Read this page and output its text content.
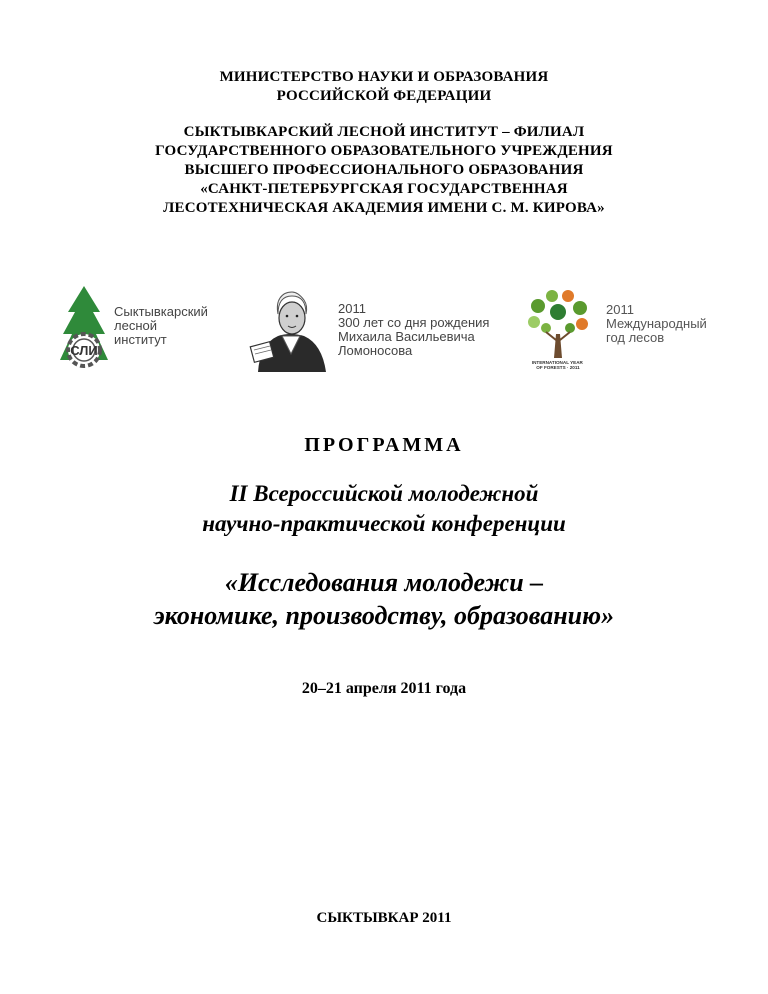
МИНИСТЕРСТВО НАУКИ И ОБРАЗОВАНИЯ
РОССИЙСКОЙ ФЕДЕРАЦИИ
СЫКТЫВКАРСКИЙ ЛЕСНОЙ ИНСТИТУТ – ФИЛИАЛ
ГОСУДАРСТВЕННОГО ОБРАЗОВАТЕЛЬНОГО УЧРЕЖДЕНИЯ
ВЫСШЕГО ПРОФЕССИОНАЛЬНОГО ОБРАЗОВАНИЯ
«САНКТ-ПЕТЕРБУРГСКАЯ ГОСУДАРСТВЕННАЯ
ЛЕСОТЕХНИЧЕСКАЯ АКАДЕМИЯ ИМЕНИ С. М. КИРОВА»
СЛИ
Сыктывкарский
лесной
институт
2011
300 лет со дня рождения
Михаила Васильевича
Ломоносова
INTERNATIONAL YEAR OF FORESTS · 2011
2011
Международный
год лесов
ПРОГРАММА
II Всероссийской молодежной
научно-практической конференции
«Исследования молодежи –
экономике, производству, образованию»
20–21 апреля 2011 года
СЫКТЫВКАР 2011
